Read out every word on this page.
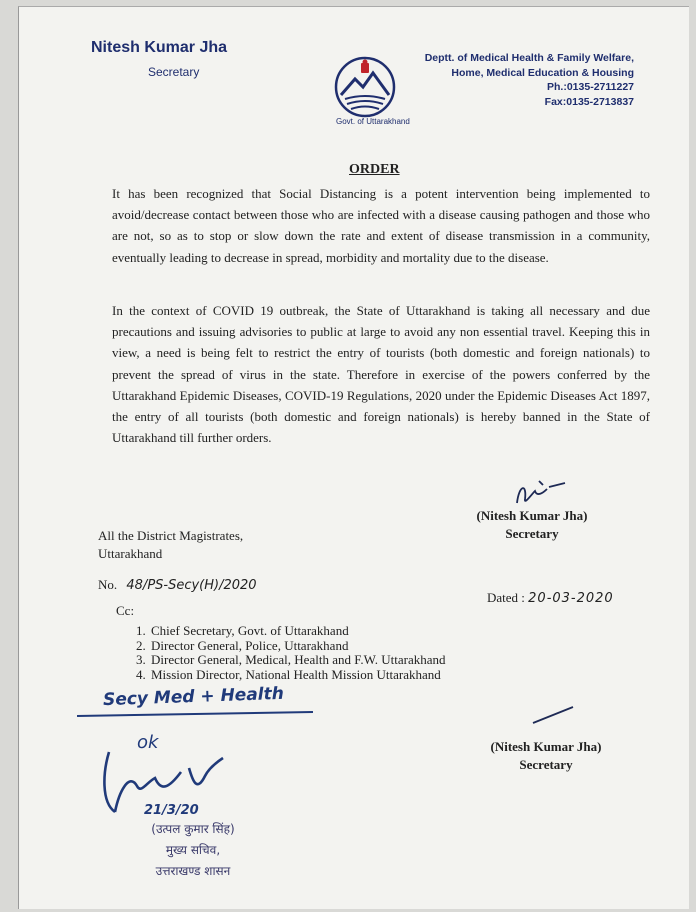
Nitesh Kumar Jha
Secretary
Govt. of Uttarakhand
Deptt. of Medical Health & Family Welfare,
Home, Medical Education & Housing
Ph.:0135-2711227
Fax:0135-2713837
ORDER
It has been recognized that Social Distancing is a potent intervention being implemented to avoid/decrease contact between those who are infected with a disease causing pathogen and those who are not, so as to stop or slow down the rate and extent of disease transmission in a community, eventually leading to decrease in spread, morbidity and mortality due to the disease.
In the context of COVID 19 outbreak, the State of Uttarakhand is taking all necessary and due precautions and issuing advisories to public at large to avoid any non essential travel. Keeping this in view, a need is being felt to restrict the entry of tourists (both domestic and foreign nationals) to prevent the spread of virus in the state. Therefore in exercise of the powers conferred by the Uttarakhand Epidemic Diseases, COVID-19 Regulations, 2020 under the Epidemic Diseases Act 1897, the entry of all tourists (both domestic and foreign nationals) is hereby banned in the State of Uttarakhand till further orders.
(Nitesh Kumar Jha)
Secretary
All the District Magistrates,
Uttarakhand
No. 48/PS-Secy(H)/2020
Dated : 20-03-2020
Cc:
1. Chief Secretary, Govt. of Uttarakhand
2. Director General, Police, Uttarakhand
3. Director General, Medical, Health and F.W. Uttarakhand
4. Mission Director, National Health Mission Uttarakhand
Secy Med + Health
ok	(Nitesh Kumar Jha)
Secretary
21/3/20
(उत्पल कुमार सिंह)
मुख्य सचिव,
उत्तराखण्ड शासन
